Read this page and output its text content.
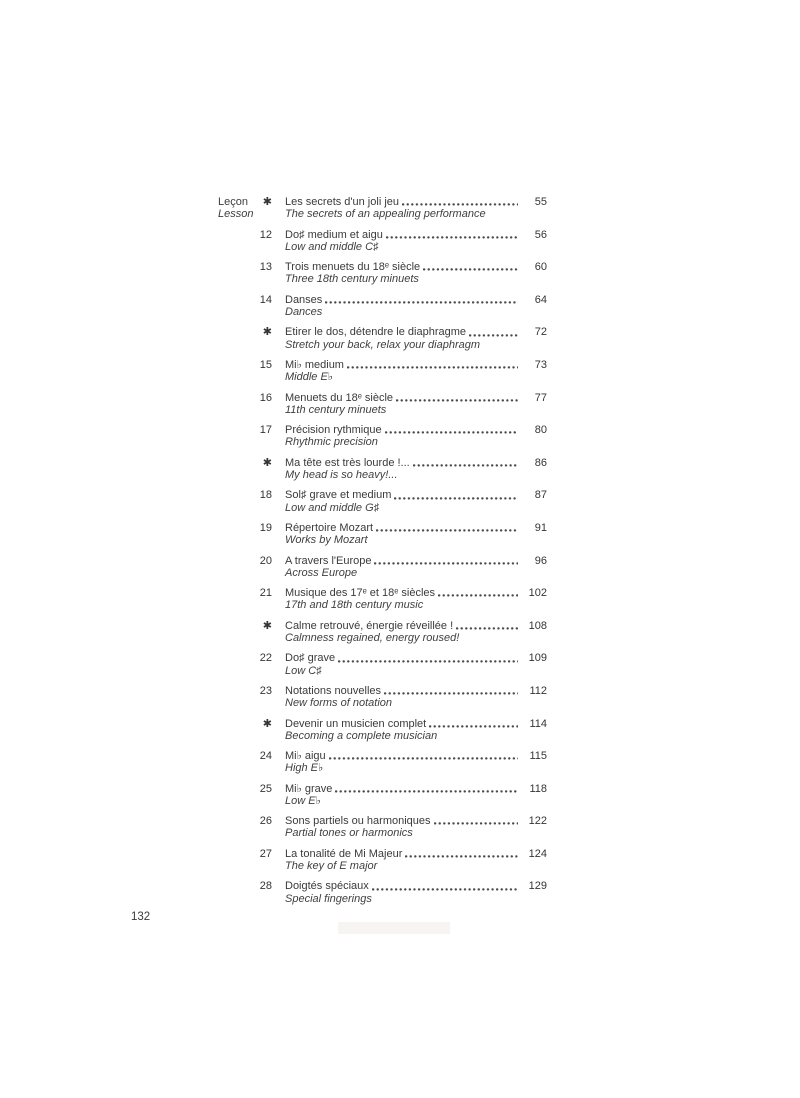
Leçon
Lesson
✱ Les secrets d'un joli jeu	55
The secrets of an appealing performance
12 Do♯ medium et aigu	56
Low and middle C♯
13 Trois menuets du 18ᵉ siècle	60
Three 18th century minuets
14 Danses	64
Dances
✱ Etirer le dos, détendre le diaphragme	72
Stretch your back, relax your diaphragm
15 Mi♭ medium	73
Middle E♭
16 Menuets du 18ᵉ siècle	77
11th century minuets
17 Précision rythmique	80
Rhythmic precision
✱ Ma tête est très lourde !...	86
My head is so heavy!...
18 Sol♯ grave et medium	87
Low and middle G♯
19 Répertoire Mozart	91
Works by Mozart
20 A travers l'Europe	96
Across Europe
21 Musique des 17ᵉ et 18ᵉ siècles	102
17th and 18th century music
✱ Calme retrouvé, énergie réveillée !	108
Calmness regained, energy roused!
22 Do♯ grave	109
Low C♯
23 Notations nouvelles	112
New forms of notation
✱ Devenir un musicien complet	114
Becoming a complete musician
24 Mi♭ aigu	115
High E♭
25 Mi♭ grave	118
Low E♭
26 Sons partiels ou harmoniques	122
Partial tones or harmonics
27 La tonalité de Mi Majeur	124
The key of E major
28 Doigtés spéciaux	129
Special fingerings
132
